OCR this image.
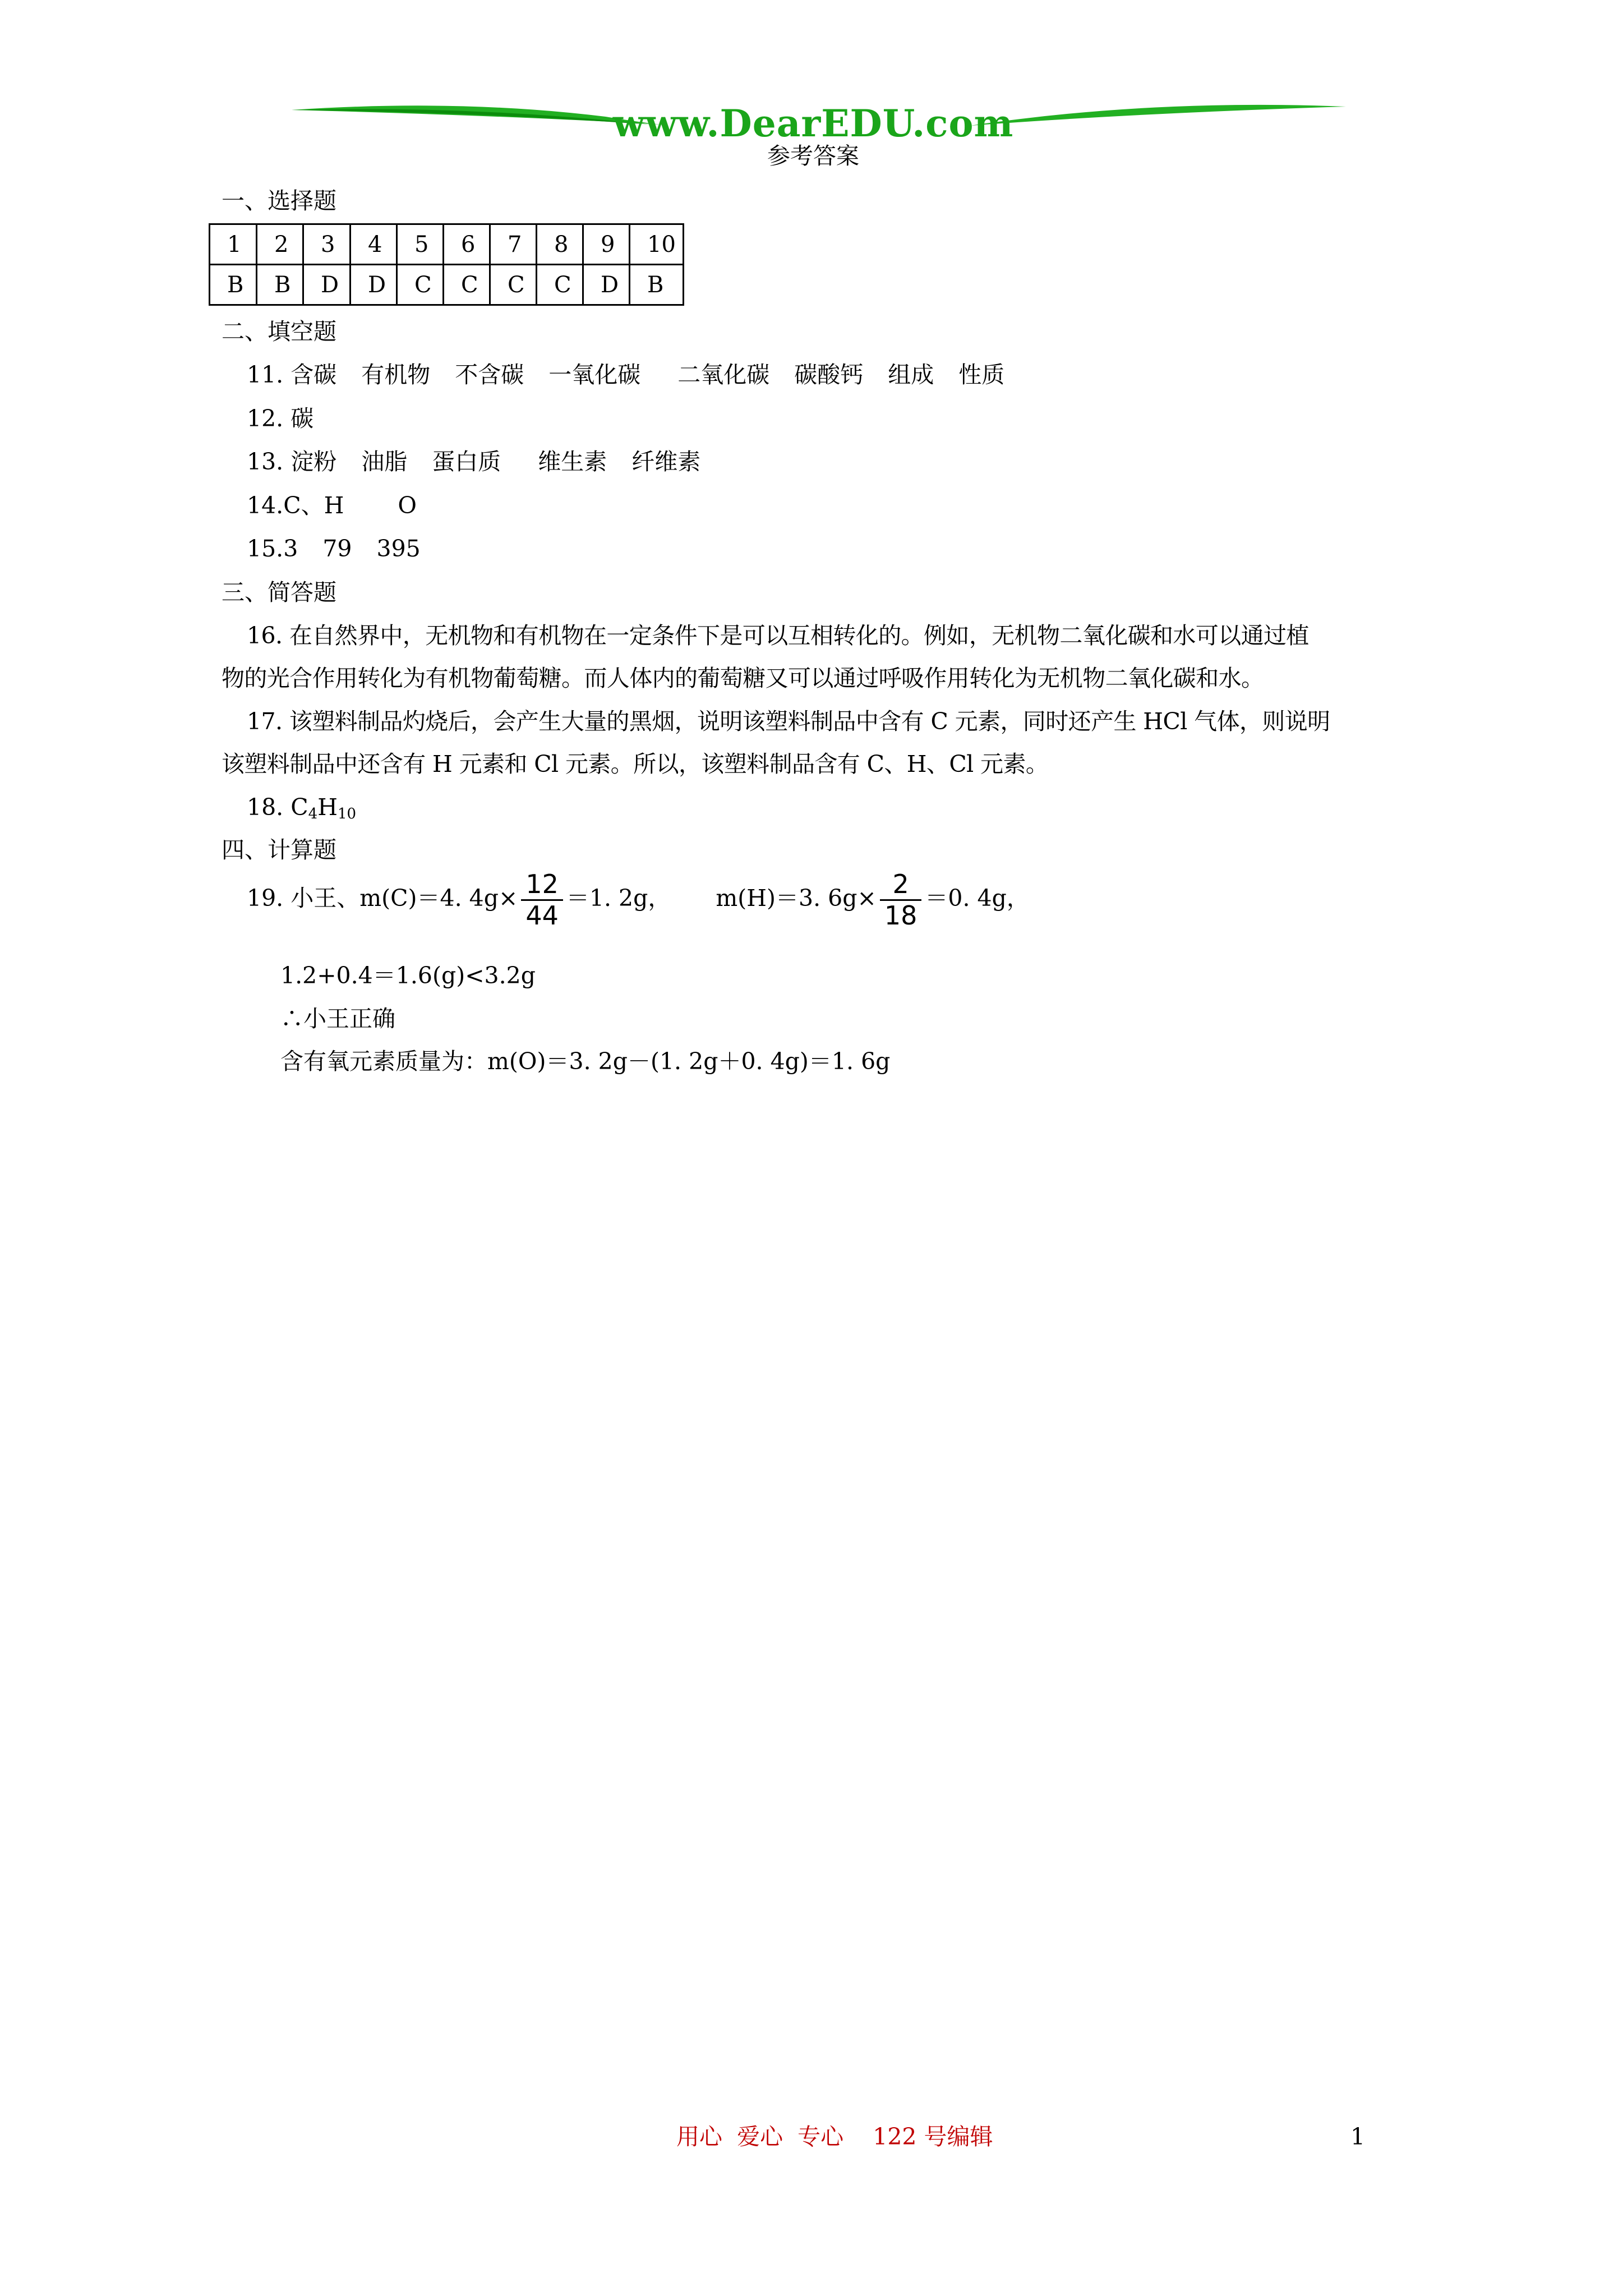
www.DearEDU.com
参考答案
一、选择题
1	2	3	4	5	6	7	8	9	10
B	B	D	D	C	C	C	C	D	B
二、填空题
11. 含碳 有机物 不含碳 一氧化碳 二氧化碳 碳酸钙 组成 性质
12. 碳
13. 淀粉 油脂 蛋白质 维生素 纤维素
14.C、H O
15.3 79 395
三、简答题
16. 在自然界中，无机物和有机物在一定条件下是可以互相转化的。例如，无机物二氧化碳和水可以通过植
物的光合作用转化为有机物葡萄糖。而人体内的葡萄糖又可以通过呼吸作用转化为无机物二氧化碳和水。
17. 该塑料制品灼烧后，会产生大量的黑烟，说明该塑料制品中含有 C 元素，同时还产生 HCl 气体，则说明
该塑料制品中还含有 H 元素和 Cl 元素。所以，该塑料制品含有 C、H、Cl 元素。
18. $C_4H_{10}$
四、计算题
19. 小王、m(C)＝4. $4g\times \frac{12}{44} =1$. 2g， m(H)＝3. $6g\times \frac{2}{18} =0$. 4g，
1.2+0.4＝1.6(g)<3.2g
∴小王正确
含有氧元素质量为：m(O)＝3. 2g－(1. 2g＋0. 4g)＝1. 6g
用心  爱心  专心    122 号编辑	1
